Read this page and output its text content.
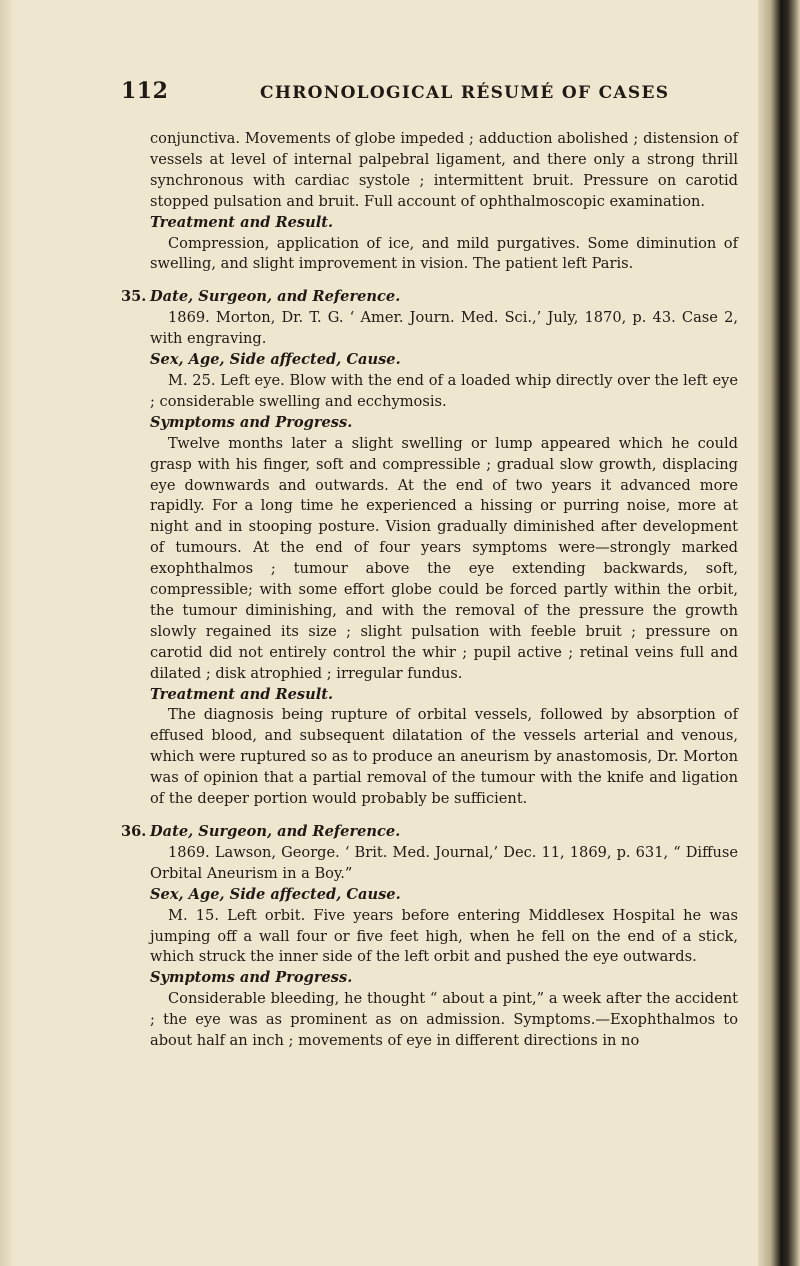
112	CHRONOLOGICAL RÉSUMÉ OF CASES

conjunctiva. Movements of globe impeded ; adduction abolished ; distension of vessels at level of internal palpebral ligament, and there only a strong thrill synchronous with cardiac systole ; intermittent bruit. Pressure on carotid stopped pulsation and bruit. Full account of ophthalmoscopic examination.

Treatment and Result.

Compression, application of ice, and mild purgatives. Some diminution of swelling, and slight improvement in vision. The patient left Paris.

35. Date, Surgeon, and Reference.

1869. Morton, Dr. T. G. ‘ Amer. Journ. Med. Sci.,’ July, 1870, p. 43. Case 2, with engraving.

Sex, Age, Side affected, Cause.

M. 25. Left eye. Blow with the end of a loaded whip directly over the left eye ; considerable swelling and ecchymosis.

Symptoms and Progress.

Twelve months later a slight swelling or lump appeared which he could grasp with his finger, soft and compressible ; gradual slow growth, displacing eye downwards and outwards. At the end of two years it advanced more rapidly. For a long time he experienced a hissing or purring noise, more at night and in stooping posture. Vision gradually diminished after development of tumours. At the end of four years symptoms were—strongly marked exophthalmos ; tumour above the eye extending backwards, soft, compressible; with some effort globe could be forced partly within the orbit, the tumour diminishing, and with the removal of the pressure the growth slowly regained its size ; slight pulsation with feeble bruit ; pressure on carotid did not entirely control the whir ; pupil active ; retinal veins full and dilated ; disk atrophied ; irregular fundus.

Treatment and Result.

The diagnosis being rupture of orbital vessels, followed by absorption of effused blood, and subsequent dilatation of the vessels arterial and venous, which were ruptured so as to produce an aneurism by anastomosis, Dr. Morton was of opinion that a partial removal of the tumour with the knife and ligation of the deeper portion would probably be sufficient.

36. Date, Surgeon, and Reference.

1869. Lawson, George. ‘ Brit. Med. Journal,’ Dec. 11, 1869, p. 631, “ Diffuse Orbital Aneurism in a Boy.”

Sex, Age, Side affected, Cause.

M. 15. Left orbit. Five years before entering Middlesex Hospital he was jumping off a wall four or five feet high, when he fell on the end of a stick, which struck the inner side of the left orbit and pushed the eye outwards.

Symptoms and Progress.

Considerable bleeding, he thought “ about a pint,” a week after the accident ; the eye was as prominent as on admission. Symptoms.—Exophthalmos to about half an inch ; movements of eye in different directions in no
